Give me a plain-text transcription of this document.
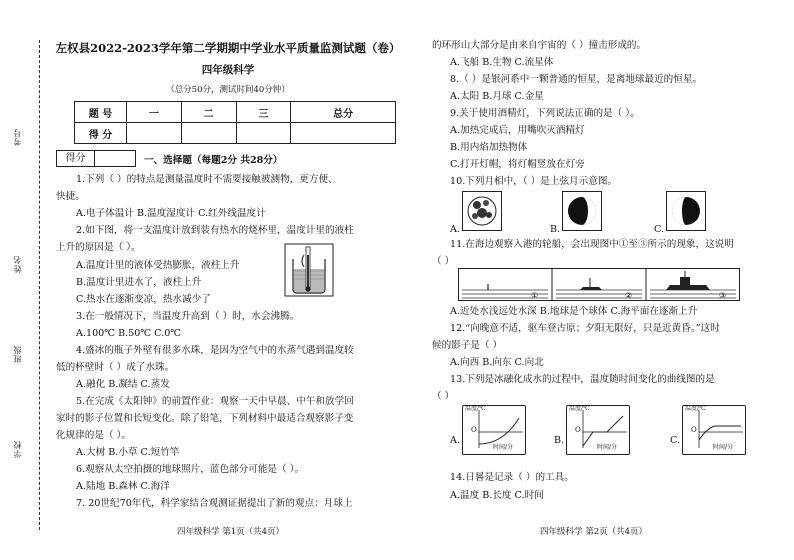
考号
姓名
班级
学校
左权县2022-2023学年第二学期期中学业水平质量监测试题（卷）
四年级科学
（总分50分，测试时间40分钟）
题 号	一	二	三	总分
得 分				
得分	一、选择题（每题2分 共28分）
1.下列（ ）的特点是测量温度时不需要接触被测物，更方便、
快捷。
A.电子体温计 B.温度湿度计 C.红外线温度计
2.如下图，将一支温度计放到装有热水的烧杯里，温度计里的液柱
上升的原因是（ ）。
A.温度计里的液体受热膨胀，液柱上升
B.温度计里进水了，液柱上升
C.热水在逐渐变凉，热水减少了
3.在一般情况下，当温度升高到（ ）时，水会沸腾。
A.100℃ B.50℃ C.0℃
4.盛冰的瓶子外壁有很多水珠，是因为空气中的水蒸气遇到温度较
低的杯壁时（ ）成了水珠。
A.融化 B.凝结 C.蒸发
5.在完成《太阳钟》的前置作业：观察一天中早晨、中午和放学回
家时的影子位置和长短变化。除了铅笔，下列材料中最适合观察影子变
化规律的是（ ）。
A.大树 B.小草 C.短竹竿
6.观察从太空拍摄的地球照片，蓝色部分可能是（ ）。
A.陆地 B.森林 C.海洋
7. 20世纪70年代，科学家结合观测证据提出了新的观点：月球上
四年级科学 第1页（共4页）
的环形山大部分是由来自宇宙的（ ）撞击形成的。
A.飞船 B.生物 C.流星体
8.（ ）是银河系中一颗普通的恒星，是离地球最近的恒星。
A.太阳 B.月球 C.金星
9.关于使用酒精灯，下列说法正确的是（ ）。
A.加热完成后，用嘴吹灭酒精灯
B.用内焰加热物体
C.打开灯帽，将灯帽竖放在灯旁
10.下列月相中，（ ）是上弦月示意图。
A.	B.	C.
11.在海边观察入港的轮船，会出现图中①至③所示的现象，这说明
（ ）
①	②	③
A.近处水浅远处水深 B.地球是个球体 C.海平面在逐渐上升
12.“向晚意不适，驱车登古原；夕阳无限好，只是近黄昏。”这时
候的影子是（ ）
A.向西 B.向东 C.向北
13.下列是冰融化成水的过程中，温度随时间变化的曲线图的是
（ ）
A.
温度/℃
时间/分
O
B.
温度/℃
时间/分
O
C.
温度/℃
时间/分
O
14.日晷是记录（ ）的工具。
A.温度 B.长度 C.时间
四年级科学 第2页（共4页）
